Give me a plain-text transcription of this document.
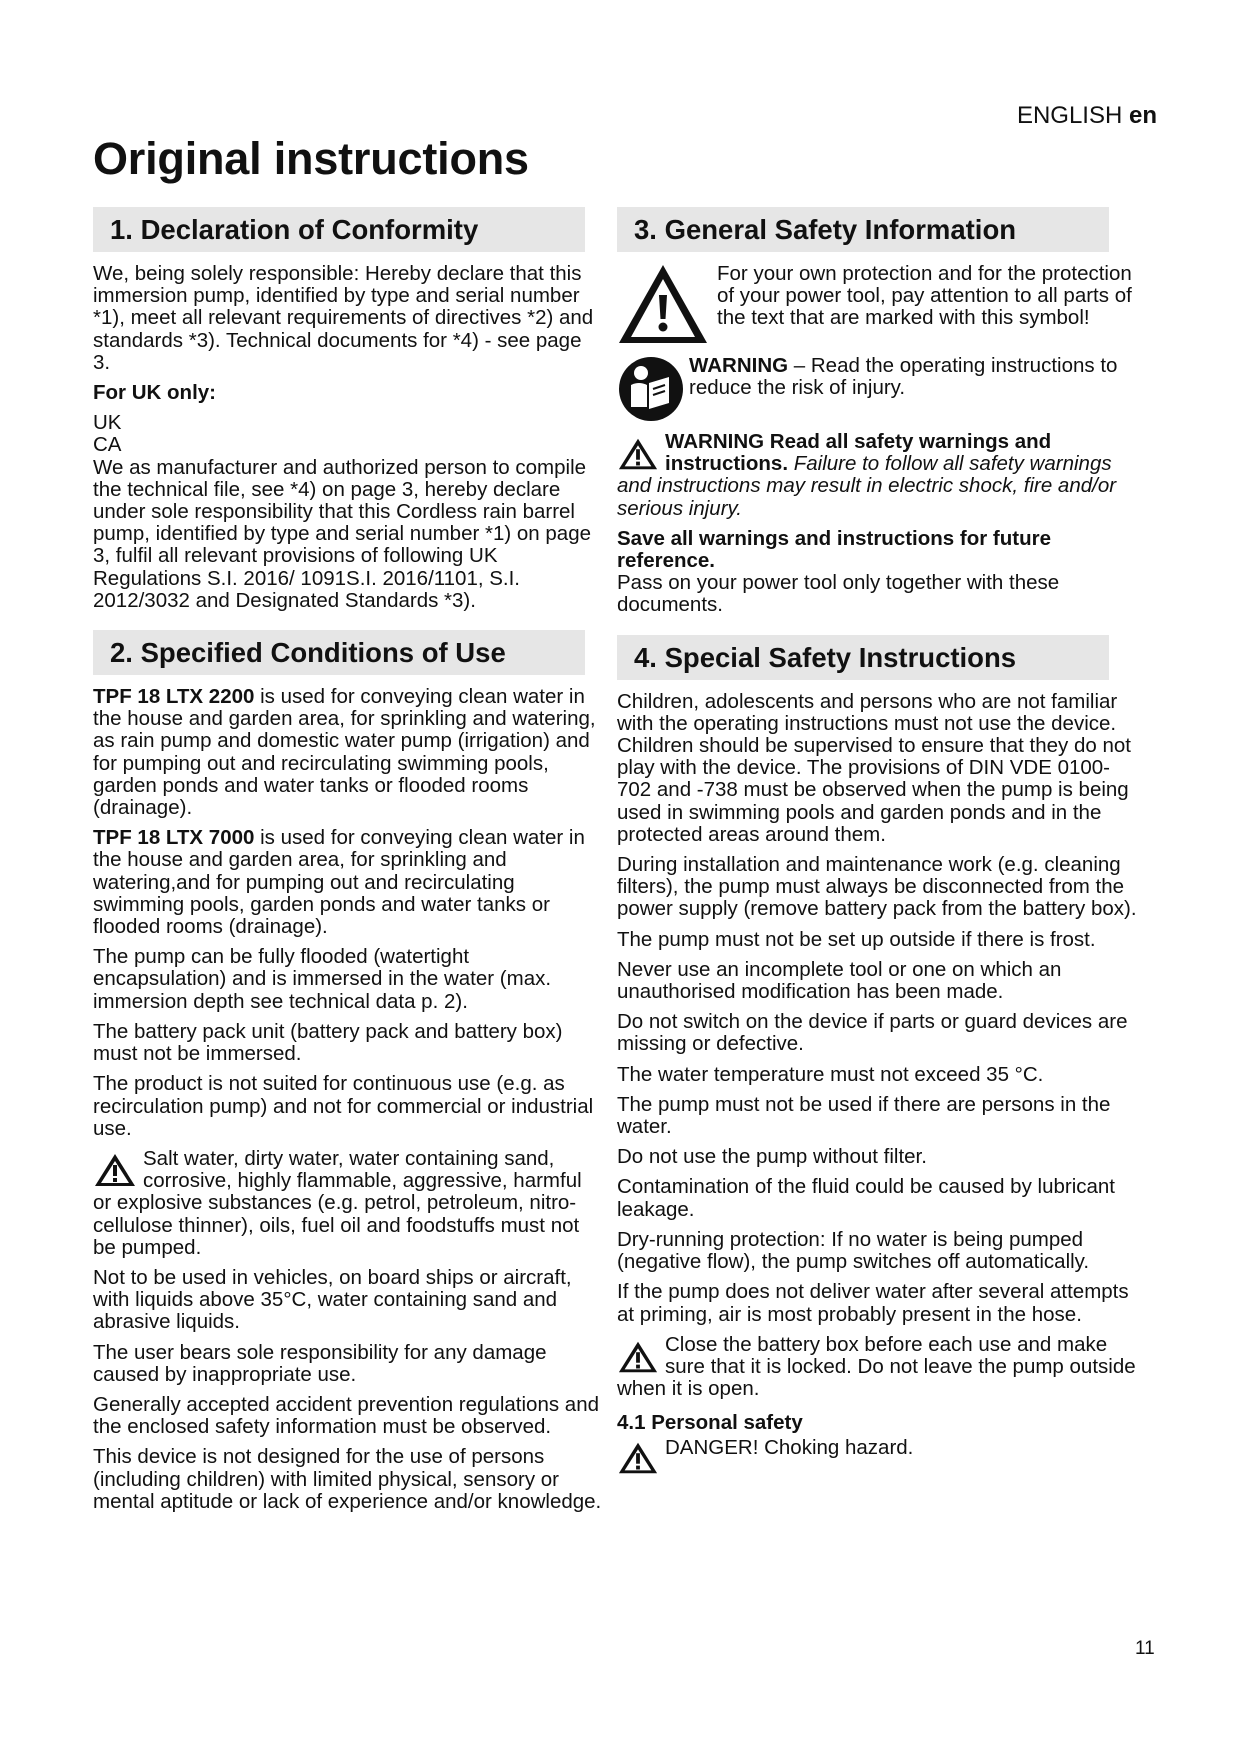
ENGLISH en
Original instructions
1. Declaration of Conformity

We, being solely responsible: Hereby declare that this immersion pump, identified by type and serial number *1), meet all relevant requirements of directives *2) and standards *3). Technical documents for *4) - see page 3.

For UK only:

UK
CA
We as manufacturer and authorized person to compile the technical file, see *4) on page 3, hereby declare under sole responsibility that this Cordless rain barrel pump, identified by type and serial number *1) on page 3, fulfil all relevant provisions of following UK Regulations S.I. 2016/ 1091S.I. 2016/1101, S.I. 2012/3032 and Designated Standards *3).

2. Specified Conditions of Use

TPF 18 LTX 2200 is used for conveying clean water in the house and garden area, for sprinkling and watering, as rain pump and domestic water pump (irrigation) and for pumping out and recirculating swimming pools, garden ponds and water tanks or flooded rooms (drainage).

TPF 18 LTX 7000 is used for conveying clean water in the house and garden area, for sprinkling and watering,and for pumping out and recirculating swimming pools, garden ponds and water tanks or flooded rooms (drainage).

The pump can be fully flooded (watertight encapsulation) and is immersed in the water (max. immersion depth see technical data p. 2).

The battery pack unit (battery pack and battery box) must not be immersed.

The product is not suited for continuous use (e.g. as recirculation pump) and not for commercial or industrial use.

Salt water, dirty water, water containing sand, corrosive, highly flammable, aggressive, harmful or explosive substances (e.g. petrol, petroleum, nitro-cellulose thinner), oils, fuel oil and foodstuffs must not be pumped.

Not to be used in vehicles, on board ships or aircraft, with liquids above 35°C, water containing sand and abrasive liquids.

The user bears sole responsibility for any damage caused by inappropriate use.

Generally accepted accident prevention regulations and the enclosed safety information must be observed.

This device is not designed for the use of persons (including children) with limited physical, sensory or mental aptitude or lack of experience and/or knowledge.

3. General Safety Information
For your own protection and for the protection of your power tool, pay attention to all parts of the text that are marked with this symbol!
WARNING – Read the operating instructions to reduce the risk of injury.

WARNING Read all safety warnings and instructions. Failure to follow all safety warnings and instructions may result in electric shock, fire and/or serious injury.

Save all warnings and instructions for future reference.

Pass on your power tool only together with these documents.

4. Special Safety Instructions

Children, adolescents and persons who are not familiar with the operating instructions must not use the device. Children should be supervised to ensure that they do not play with the device. The provisions of DIN VDE 0100-702 and -738 must be observed when the pump is being used in swimming pools and garden ponds and in the protected areas around them.

During installation and maintenance work (e.g. cleaning filters), the pump must always be disconnected from the power supply (remove battery pack from the battery box).

The pump must not be set up outside if there is frost.

Never use an incomplete tool or one on which an unauthorised modification has been made.

Do not switch on the device if parts or guard devices are missing or defective.

The water temperature must not exceed 35 °C.

The pump must not be used if there are persons in the water.

Do not use the pump without filter.

Contamination of the fluid could be caused by lubricant leakage.

Dry-running protection: If no water is being pumped (negative flow), the pump switches off automatically.

If the pump does not deliver water after several attempts at priming, air is most probably present in the hose.

Close the battery box before each use and make sure that it is locked. Do not leave the pump outside when it is open.

4.1 Personal safety

DANGER! Choking hazard.

11
